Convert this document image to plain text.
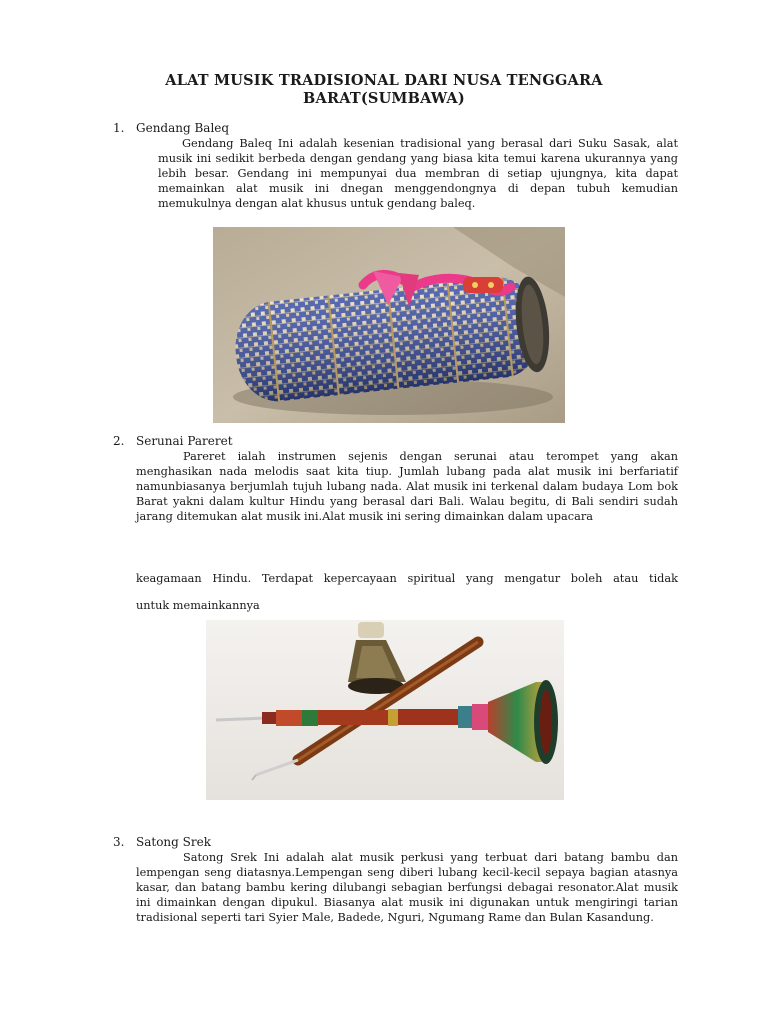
ALAT MUSIK TRADISIONAL DARI NUSA TENGGARA
BARAT(SUMBAWA)
1. Gendang Baleq
Gendang Baleq Ini adalah kesenian tradisional yang berasal dari Suku Sasak, alat musik ini sedikit berbeda dengan gendang yang biasa kita temui karena ukurannya yang lebih besar. Gendang ini mempunyai dua membran di setiap ujungnya, kita dapat memainkan alat musik ini dnegan menggendongnya di depan tubuh kemudian memukulnya dengan alat khusus untuk gendang baleq.
2. Serunai Pareret
Pareret ialah instrumen sejenis dengan serunai atau terompet yang akan menghasikan nada melodis saat kita tiup. Jumlah lubang pada alat musik ini berfariatif namunbiasanya berjumlah tujuh lubang nada. Alat musik ini terkenal dalam budaya Lom bok Barat yakni dalam kultur Hindu yang berasal dari Bali. Walau begitu, di Bali sendiri sudah jarang ditemukan alat musik ini.Alat musik ini sering dimainkan dalam upacara
keagamaan Hindu. Terdapat kepercayaan spiritual yang mengatur boleh atau tidak
untuk memainkannya
3. Satong Srek
Satong Srek Ini adalah alat musik perkusi yang terbuat dari batang bambu dan lempengan seng diatasnya.Lempengan seng diberi lubang kecil-kecil sepaya bagian atasnya kasar, dan batang bambu kering dilubangi sebagian berfungsi debagai resonator.Alat musik ini dimainkan dengan dipukul. Biasanya alat musik ini digunakan untuk mengiringi tarian tradisional seperti tari Syier Male, Badede, Nguri, Ngumang Rame dan Bulan Kasandung.
